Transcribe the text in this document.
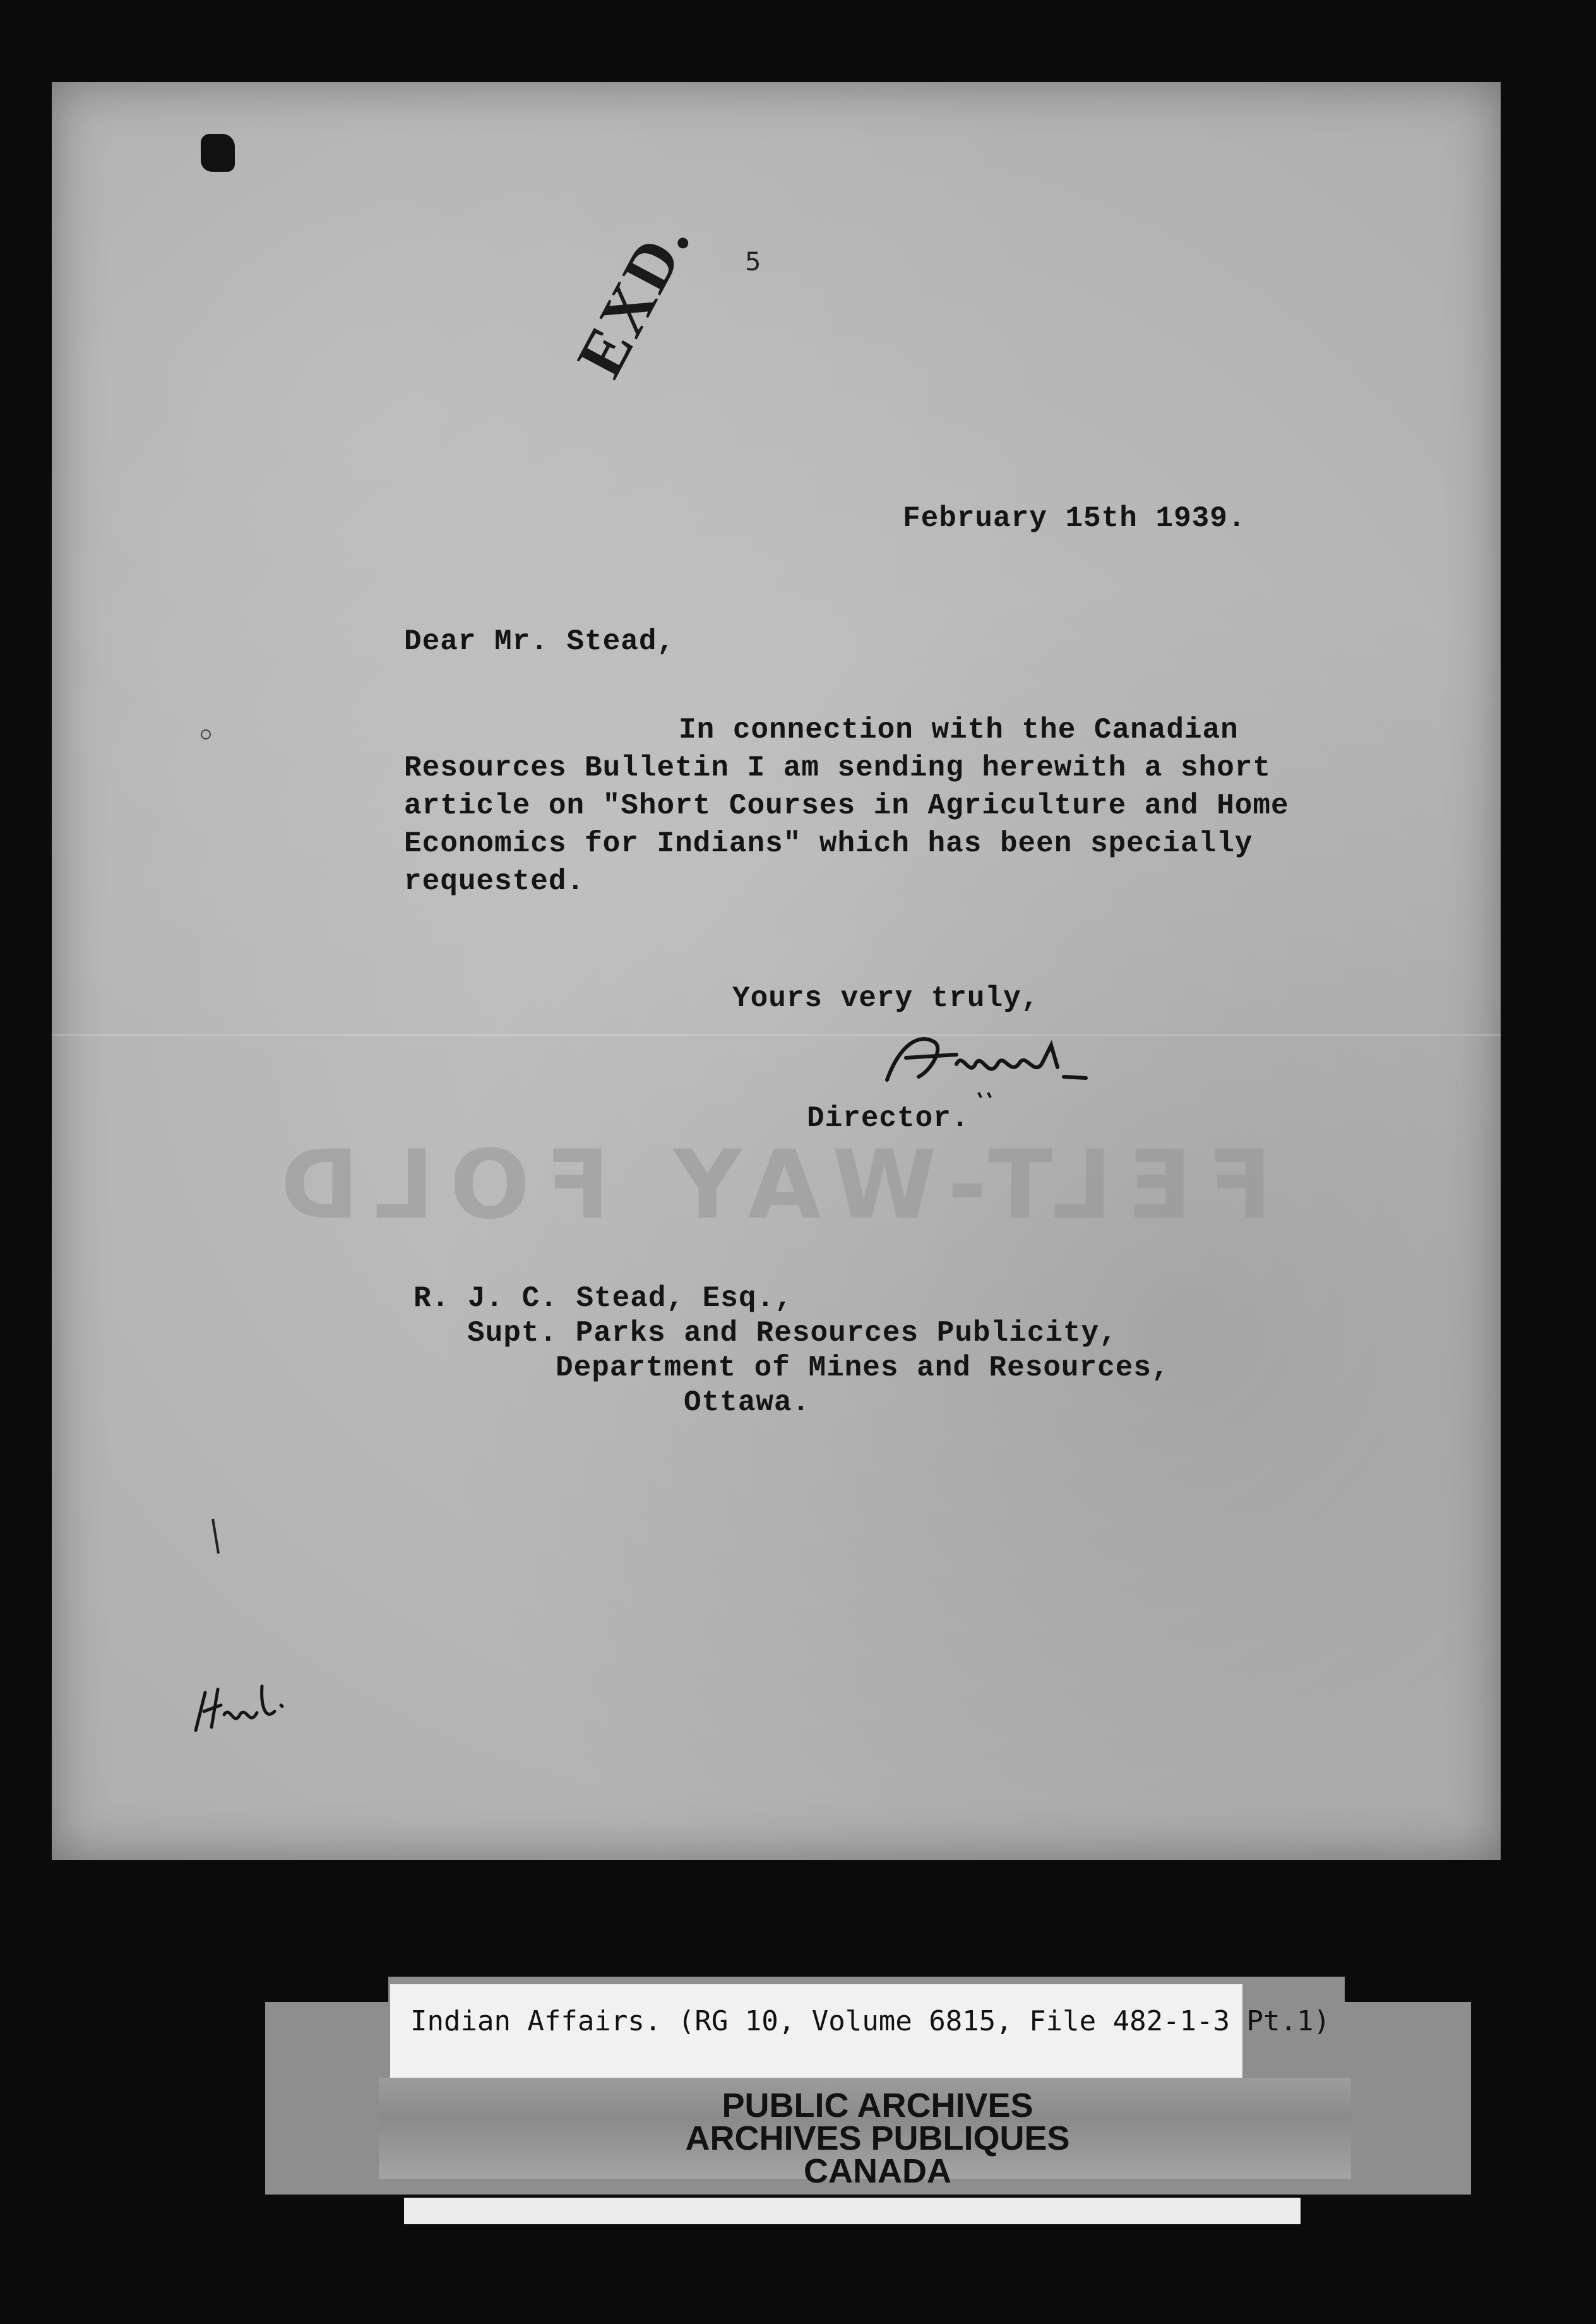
EXD. 5
FELT-WAY FOLD
February 15th 1939.
Dear Mr. Stead,
In connection with the Canadian
Resources Bulletin I am sending herewith a short
article on "Short Courses in Agriculture and Home
Economics for Indians" which has been specially
requested.
Yours very truly,
Director.
R. J. C. Stead, Esq.,
Supt. Parks and Resources Publicity,
Department of Mines and Resources,
Ottawa.
Indian Affairs. (RG 10, Volume 6815, File 482-1-3 Pt.1)
PUBLIC ARCHIVES
ARCHIVES PUBLIQUES
CANADA
